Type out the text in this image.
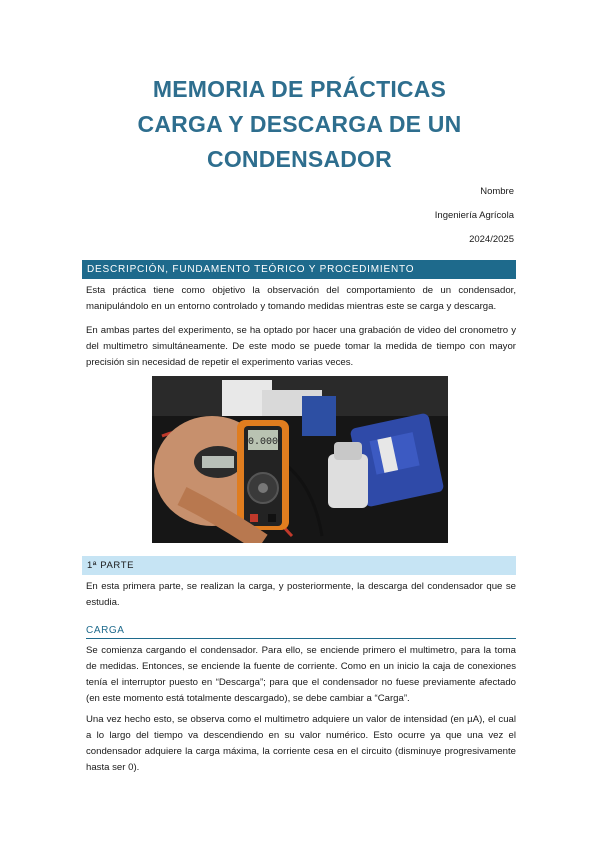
MEMORIA DE PRÁCTICAS
CARGA Y DESCARGA DE UN
CONDENSADOR
Nombre
Ingeniería Agrícola
2024/2025
DESCRIPCIÓN, FUNDAMENTO TEÓRICO Y PROCEDIMIENTO

Esta práctica tiene como objetivo la observación del comportamiento de un condensador, manipulándolo en un entorno controlado y tomando medidas mientras este se carga y descarga.

En ambas partes del experimento, se ha optado por hacer una grabación de video del cronometro y del multimetro simultáneamente. De este modo se puede tomar la medida de tiempo con mayor precisión sin necesidad de repetir el experimento varias veces.

0.000
1ª PARTE

En esta primera parte, se realizan la carga, y posteriormente, la descarga del condensador que se estudia.

CARGA

Se comienza cargando el condensador. Para ello, se enciende primero el multimetro, para la toma de medidas. Entonces, se enciende la fuente de corriente. Como en un inicio la caja de conexiones tenía el interruptor puesto en “Descarga”; para que el condensador no fuese previamente afectado (en este momento está totalmente descargado), se debe cambiar a “Carga”.

Una vez hecho esto, se observa como el multimetro adquiere un valor de intensidad (en µA), el cual a lo largo del tiempo va descendiendo en su valor numérico. Esto ocurre ya que una vez el condensador adquiere la carga máxima, la corriente cesa en el circuito (disminuye progresivamente hasta ser 0).
